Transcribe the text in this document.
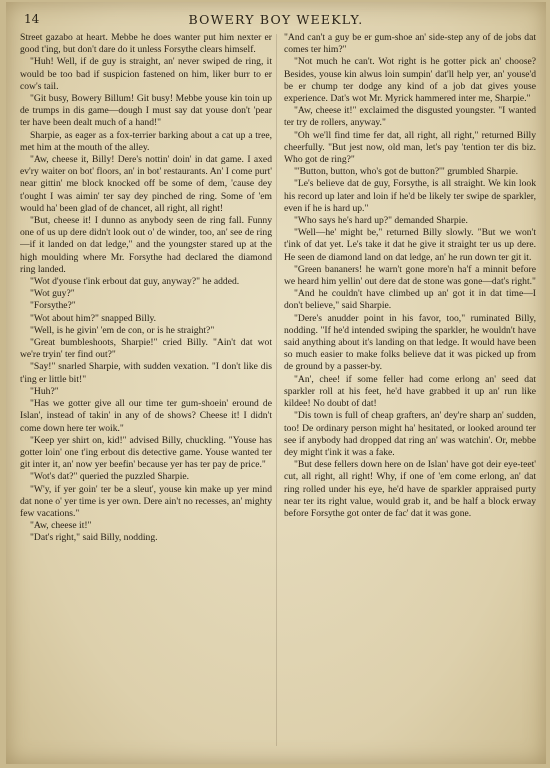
14	BOWERY BOY WEEKLY.

Street gazabo at heart. Mebbe he does wanter put him nexter er good t'ing, but don't dare do it unless Forsythe clears himself.

"Huh! Well, if de guy is straight, an' never swiped de ring, it would be too bad if suspicion fastened on him, liker burr to er cow's tail.

"Git busy, Bowery Billum! Git busy! Mebbe youse kin toin up de trumps in dis game—dough I must say dat youse don't 'pear ter have been dealt much of a hand!"

Sharpie, as eager as a fox-terrier barking about a cat up a tree, met him at the mouth of the alley.

"Aw, cheese it, Billy! Dere's nottin' doin' in dat game. I axed ev'ry waiter on bot' floors, an' in bot' restaurants. An' I come purt' near gittin' me block knocked off be some of dem, 'cause dey t'ought I was aimin' ter say dey pinched de ring. Some of 'em would ha' been glad of de chancet, all right, all right!

"But, cheese it! I dunno as anybody seen de ring fall. Funny one of us up dere didn't look out o' de winder, too, an' see de ring—if it landed on dat ledge," and the youngster stared up at the high moulding where Mr. Forsythe had declared the diamond ring landed.

"Wot d'youse t'ink erbout dat guy, anyway?" he added.

"Wot guy?"

"Forsythe?"

"Wot about him?" snapped Billy.

"Well, is he givin' 'em de con, or is he straight?"

"Great bumbleshoots, Sharpie!" cried Billy. "Ain't dat wot we're tryin' ter find out?"

"Say!" snarled Sharpie, with sudden vexation. "I don't like dis t'ing er little bit!"

"Huh?"

"Has we gotter give all our time ter gum-shoein' eround de Islan', instead of takin' in any of de shows? Cheese it! I didn't come down here ter woik."

"Keep yer shirt on, kid!" advised Billy, chuckling. "Youse has gotter loin' one t'ing erbout dis detective game. Youse wanted ter git inter it, an' now yer beefin' because yer has ter pay de price."

"Wot's dat?" queried the puzzled Sharpie.

"W'y, if yer goin' ter be a sleut', youse kin make up yer mind dat none o' yer time is yer own. Dere ain't no recesses, an' mighty few vacations."

"Aw, cheese it!"

"Dat's right," said Billy, nodding.

"And can't a guy be er gum-shoe an' side-step any of de jobs dat comes ter him?"

"Not much he can't. Wot right is he gotter pick an' choose? Besides, youse kin alwus loin sumpin' dat'll help yer, an' youse'd be er chump ter dodge any kind of a job dat gives youse experience. Dat's wot Mr. Myrick hammered inter me, Sharpie."

"Aw, cheese it!" exclaimed the disgusted youngster. "I wanted ter try de rollers, anyway."

"Oh we'll find time fer dat, all right, all right," returned Billy cheerfully. "But jest now, old man, let's pay 'tention ter dis biz. Who got de ring?"

"'Button, button, who's got de button?'" grumbled Sharpie.

"Le's believe dat de guy, Forsythe, is all straight. We kin look his record up later and loin if he'd be likely ter swipe de sparkler, even if he is hard up."

"Who says he's hard up?" demanded Sharpie.

"Well—he' might be," returned Billy slowly. "But we won't t'ink of dat yet. Le's take it dat he give it straight ter us up dere. He seen de diamond land on dat ledge, an' he run down ter git it.

"Green bananers! he warn't gone more'n ha'f a minnit before we heard him yellin' out dere dat de stone was gone—dat's right."

"And he couldn't have climbed up an' got it in dat time—I don't believe," said Sharpie.

"Dere's anudder point in his favor, too," ruminated Billy, nodding. "If he'd intended swiping the sparkler, he wouldn't have said anything about it's landing on that ledge. It would have been so much easier to make folks believe dat it was picked up from de ground by a passer-by.

"An', chee! if some feller had come erlong an' seed dat sparkler roll at his feet, he'd have grabbed it up an' run like kildee! No doubt of dat!

"Dis town is full of cheap grafters, an' dey're sharp an' sudden, too! De ordinary person might ha' hesitated, or looked around ter see if anybody had dropped dat ring an' was watchin'. Or, mebbe dey might t'ink it was a fake.

"But dese fellers down here on de Islan' have got deir eye-teet' cut, all right, all right! Why, if one of 'em come erlong, an' dat ring rolled under his eye, he'd have de sparkler appraised purty near ter its right value, would grab it, and be half a block erway before Forsythe got onter de fac' dat it was gone.
